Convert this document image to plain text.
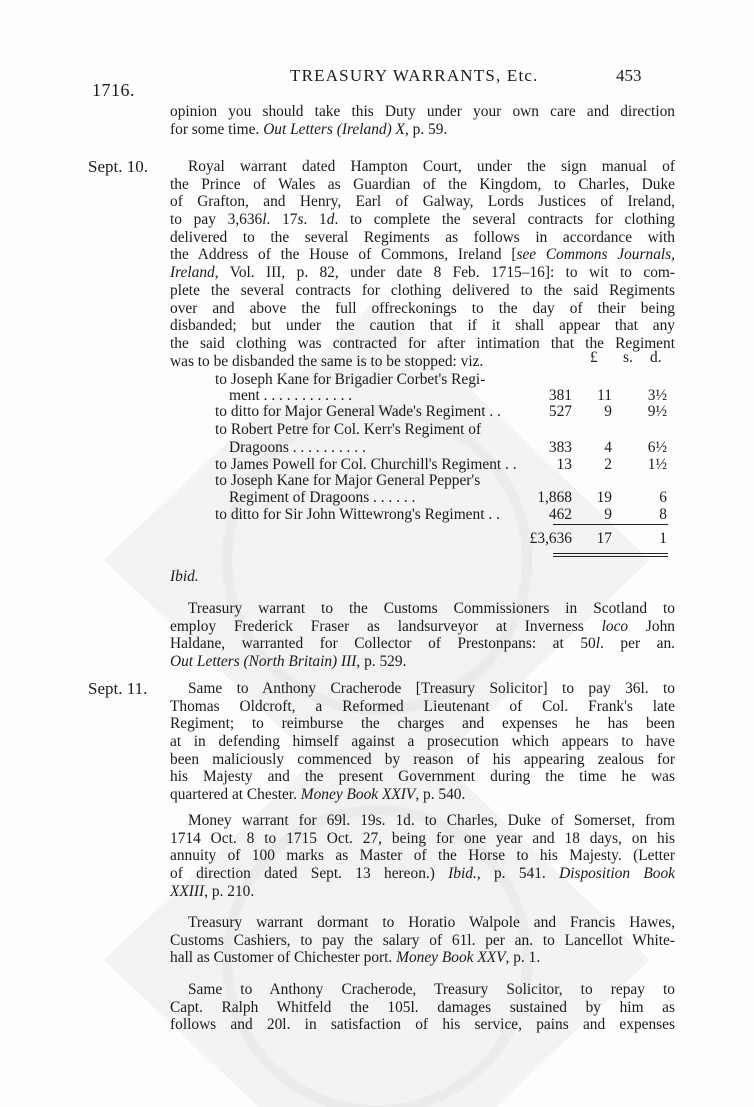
1716.
TREASURY WARRANTS, Etc.	453
opinion you should take this Duty under your own care and direction
for some time. Out Letters (Ireland) X, p. 59.
Sept. 10.	Royal warrant dated Hampton Court, under the sign manual of
the Prince of Wales as Guardian of the Kingdom, to Charles, Duke
of Grafton, and Henry, Earl of Galway, Lords Justices of Ireland,
to pay 3,636l. 17s. 1d. to complete the several contracts for clothing
delivered to the several Regiments as follows in accordance with
the Address of the House of Commons, Ireland [see Commons Journals,
Ireland, Vol. III, p. 82, under date 8 Feb. 1715–16]: to wit to com-
plete the several contracts for clothing delivered to the said Regiments
over and above the full offreckonings to the day of their being
disbanded; but under the caution that if it shall appear that any
the said clothing was contracted for after intimation that the Regiment
was to be disbanded the same is to be stopped: viz.	£ s. d.
to Joseph Kane for Brigadier Corbet's Regi-
ment . . . . . . . . . . . .	381	11	3½
to ditto for Major General Wade's Regiment . .	527	9	9½
to Robert Petre for Col. Kerr's Regiment of
Dragoons . . . . . . . . . .	383	4	6½
to James Powell for Col. Churchill's Regiment . .	13	2	1½
to Joseph Kane for Major General Pepper's
Regiment of Dragoons . . . . . .	1,868	19	6
to ditto for Sir John Wittewrong's Regiment . .	462	9	8
£3,636	17	1
Ibid.
Treasury warrant to the Customs Commissioners in Scotland to
employ Frederick Fraser as landsurveyor at Inverness loco John
Haldane, warranted for Collector of Prestonpans: at 50l. per an.
Out Letters (North Britain) III, p. 529.
Sept. 11.	Same to Anthony Cracherode [Treasury Solicitor] to pay 36l. to
Thomas Oldcroft, a Reformed Lieutenant of Col. Frank's late
Regiment; to reimburse the charges and expenses he has been
at in defending himself against a prosecution which appears to have
been maliciously commenced by reason of his appearing zealous for
his Majesty and the present Government during the time he was
quartered at Chester. Money Book XXIV, p. 540.
Money warrant for 69l. 19s. 1d. to Charles, Duke of Somerset, from
1714 Oct. 8 to 1715 Oct. 27, being for one year and 18 days, on his
annuity of 100 marks as Master of the Horse to his Majesty. (Letter
of direction dated Sept. 13 hereon.) Ibid., p. 541. Disposition Book
XXIII, p. 210.
Treasury warrant dormant to Horatio Walpole and Francis Hawes,
Customs Cashiers, to pay the salary of 61l. per an. to Lancellot White-
hall as Customer of Chichester port. Money Book XXV, p. 1.
Same to Anthony Cracherode, Treasury Solicitor, to repay to
Capt. Ralph Whitfeld the 105l. damages sustained by him as
follows and 20l. in satisfaction of his service, pains and expenses
